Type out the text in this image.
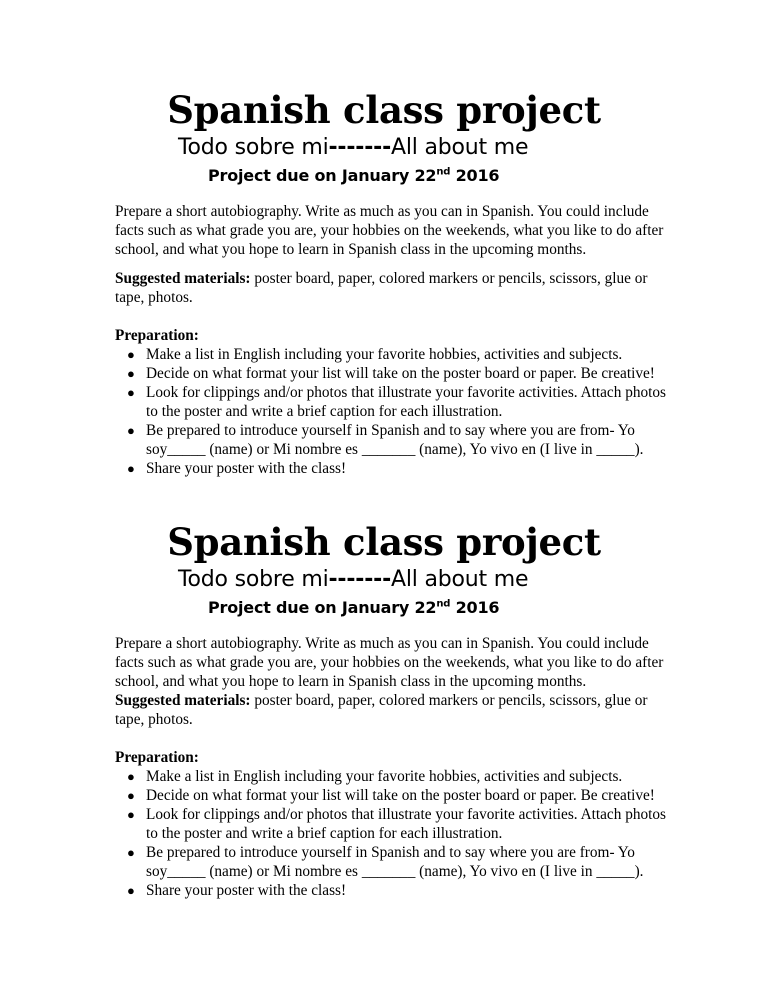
Spanish class project
Todo sobre mi-------All about me
Project due on January 22nd 2016

Prepare a short autobiography. Write as much as you can in Spanish. You could include facts such as what grade you are, your hobbies on the weekends, what you like to do after school, and what you hope to learn in Spanish class in the upcoming months.

Suggested materials: poster board, paper, colored markers or pencils, scissors, glue or tape, photos.

Preparation:

● Make a list in English including your favorite hobbies, activities and subjects.
● Decide on what format your list will take on the poster board or paper. Be creative!
● Look for clippings and/or photos that illustrate your favorite activities. Attach photos to the poster and write a brief caption for each illustration.
● Be prepared to introduce yourself in Spanish and to say where you are from- Yo soy_____ (name) or Mi nombre es _______ (name), Yo vivo en (I live in _____).
● Share your poster with the class!
Spanish class project
Todo sobre mi-------All about me
Project due on January 22nd 2016

Prepare a short autobiography. Write as much as you can in Spanish. You could include facts such as what grade you are, your hobbies on the weekends, what you like to do after school, and what you hope to learn in Spanish class in the upcoming months.

Suggested materials: poster board, paper, colored markers or pencils, scissors, glue or tape, photos.

Preparation:

● Make a list in English including your favorite hobbies, activities and subjects.
● Decide on what format your list will take on the poster board or paper. Be creative!
● Look for clippings and/or photos that illustrate your favorite activities. Attach photos to the poster and write a brief caption for each illustration.
● Be prepared to introduce yourself in Spanish and to say where you are from- Yo soy_____ (name) or Mi nombre es _______ (name), Yo vivo en (I live in _____).
● Share your poster with the class!
